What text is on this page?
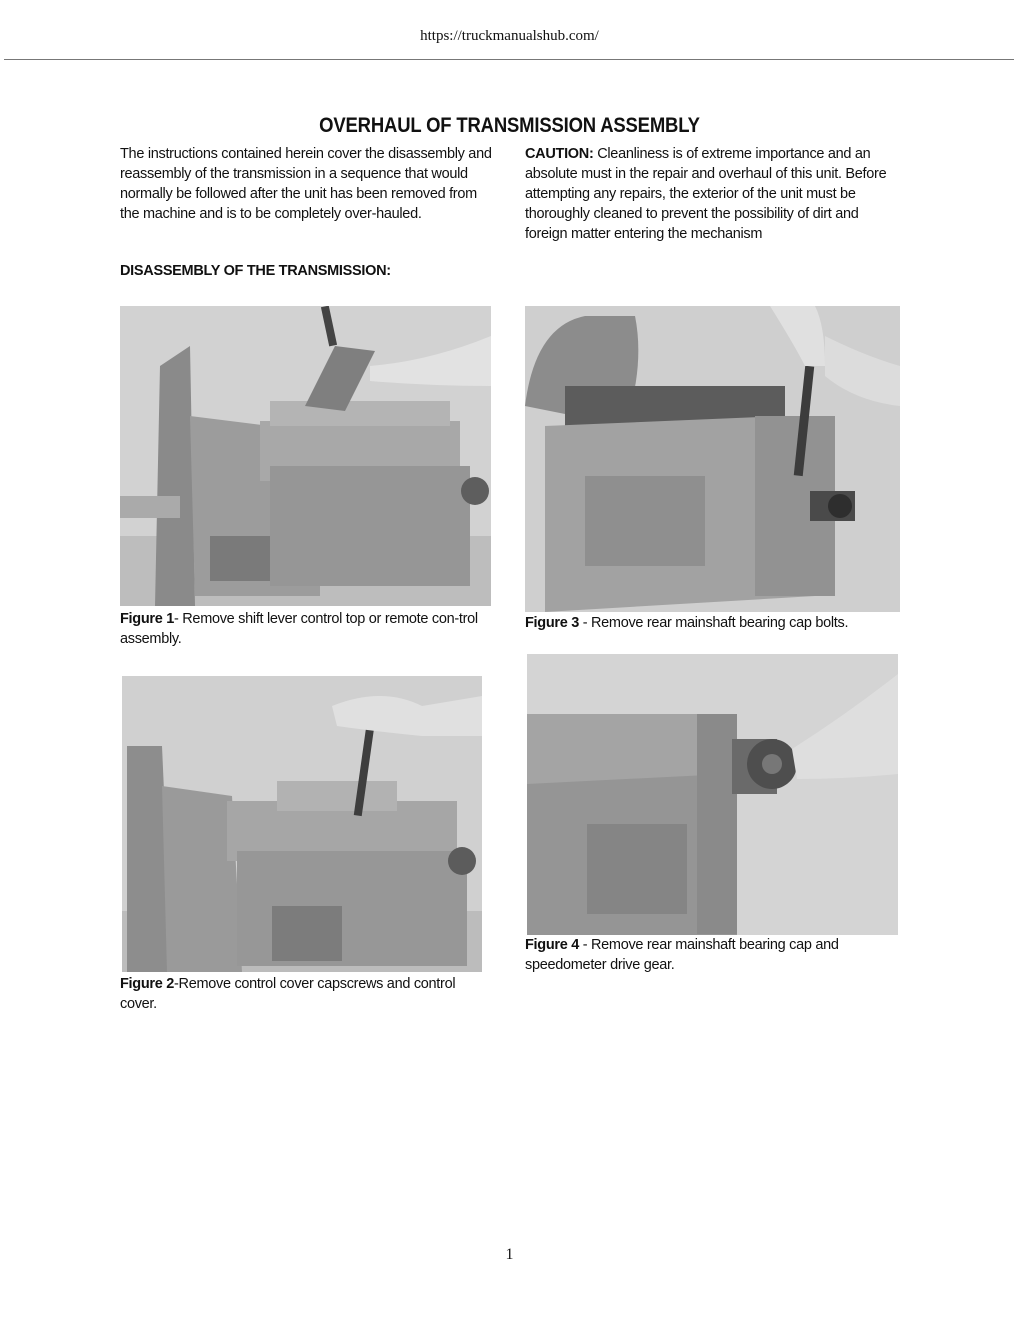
https://truckmanualshub.com/
OVERHAUL OF TRANSMISSION ASSEMBLY
The instructions contained herein cover the disassembly and reassembly of the transmission in a sequence that would normally be followed after the unit has been removed from the machine and is to be completely over-hauled.
CAUTION: Cleanliness is of extreme importance and an absolute must in the repair and overhaul of this unit. Before attempting any repairs, the exterior of the unit must be thoroughly cleaned to prevent the possibility of dirt and foreign matter entering the mechanism
DISASSEMBLY OF THE TRANSMISSION:
Figure 1- Remove shift lever control top or remote con-trol assembly.
Figure 3 - Remove rear mainshaft bearing cap bolts.
Figure 2-Remove control cover capscrews and control cover.
Figure 4 - Remove rear mainshaft bearing cap and speedometer drive gear.
1
